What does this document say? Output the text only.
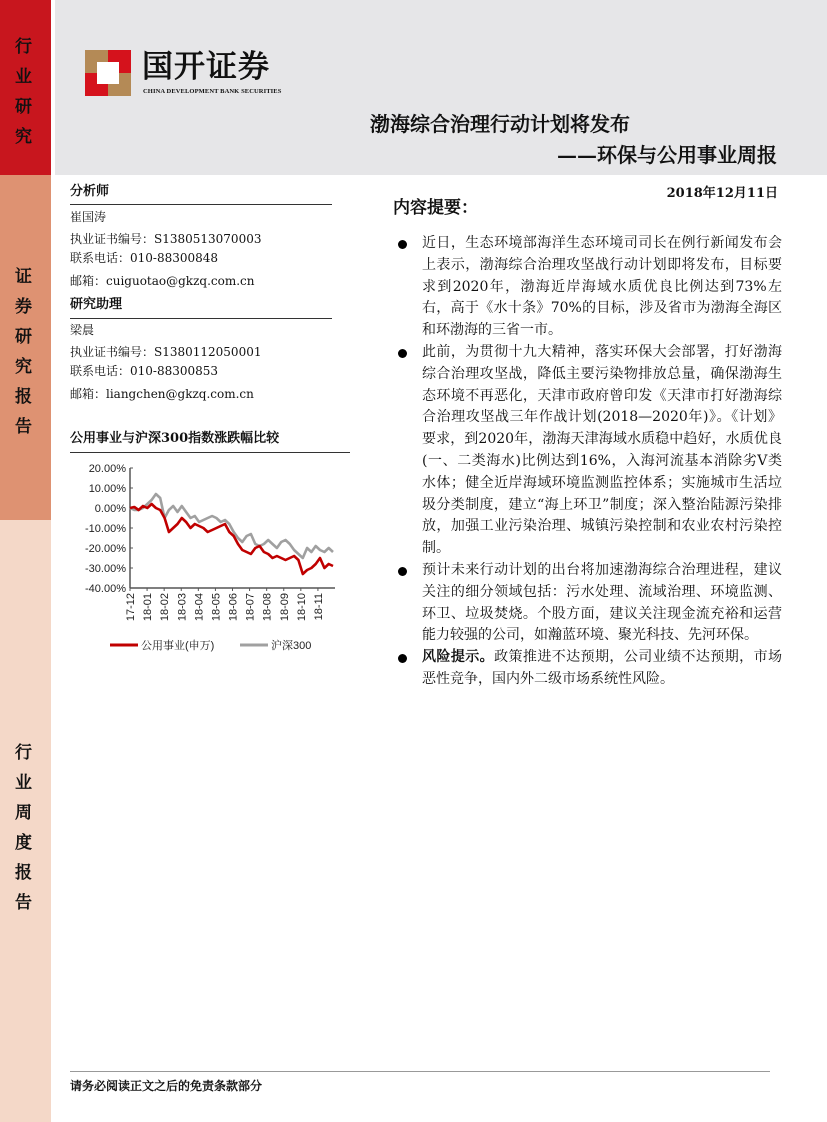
行
业
研
究
证
券
研
究
报
告
行
业
周
度
报
告
国开证券
CHINA DEVELOPMENT BANK SECURITIES
渤海综合治理行动计划将发布
——环保与公用事业周报
分析师
崔国涛
执业证书编号：S1380513070003
联系电话：010-88300848
邮箱：cuiguotao@gkzq.com.cn
研究助理
梁晨
执业证书编号：S1380112050001
联系电话：010-88300853
邮箱：liangchen@gkzq.com.cn
公用事业与沪深300指数涨跌幅比较
20.00%
10.00%
0.00%
-10.00%
-20.00%
-30.00%
-40.00%
17-12 18-01 18-02 18-03 18-04 18-05 18-06 18-07 18-08 18-09 18-10 18-11
公用事业(申万)	沪深300
2018年12月11日
内容提要：
近日，生态环境部海洋生态环境司司长在例行新闻发布会上表示，渤海综合治理攻坚战行动计划即将发布，目标要求到2020年，渤海近岸海域水质优良比例达到73%左右，高于《水十条》70%的目标，涉及省市为渤海全海区和环渤海的三省一市。
此前，为贯彻十九大精神，落实环保大会部署，打好渤海综合治理攻坚战，降低主要污染物排放总量，确保渤海生态环境不再恶化，天津市政府曾印发《天津市打好渤海综合治理攻坚战三年作战计划(2018—2020年)》。《计划》要求，到2020年，渤海天津海域水质稳中趋好，水质优良(一、二类海水)比例达到16%，入海河流基本消除劣V类水体；健全近岸海域环境监测监控体系；实施城市生活垃圾分类制度，建立“海上环卫”制度；深入整治陆源污染排放，加强工业污染治理、城镇污染控制和农业农村污染控制。
预计未来行动计划的出台将加速渤海综合治理进程，建议关注的细分领域包括：污水处理、流域治理、环境监测、环卫、垃圾焚烧。个股方面，建议关注现金流充裕和运营能力较强的公司，如瀚蓝环境、聚光科技、先河环保。
风险提示。政策推进不达预期，公司业绩不达预期，市场恶性竞争，国内外二级市场系统性风险。
请务必阅读正文之后的免责条款部分
